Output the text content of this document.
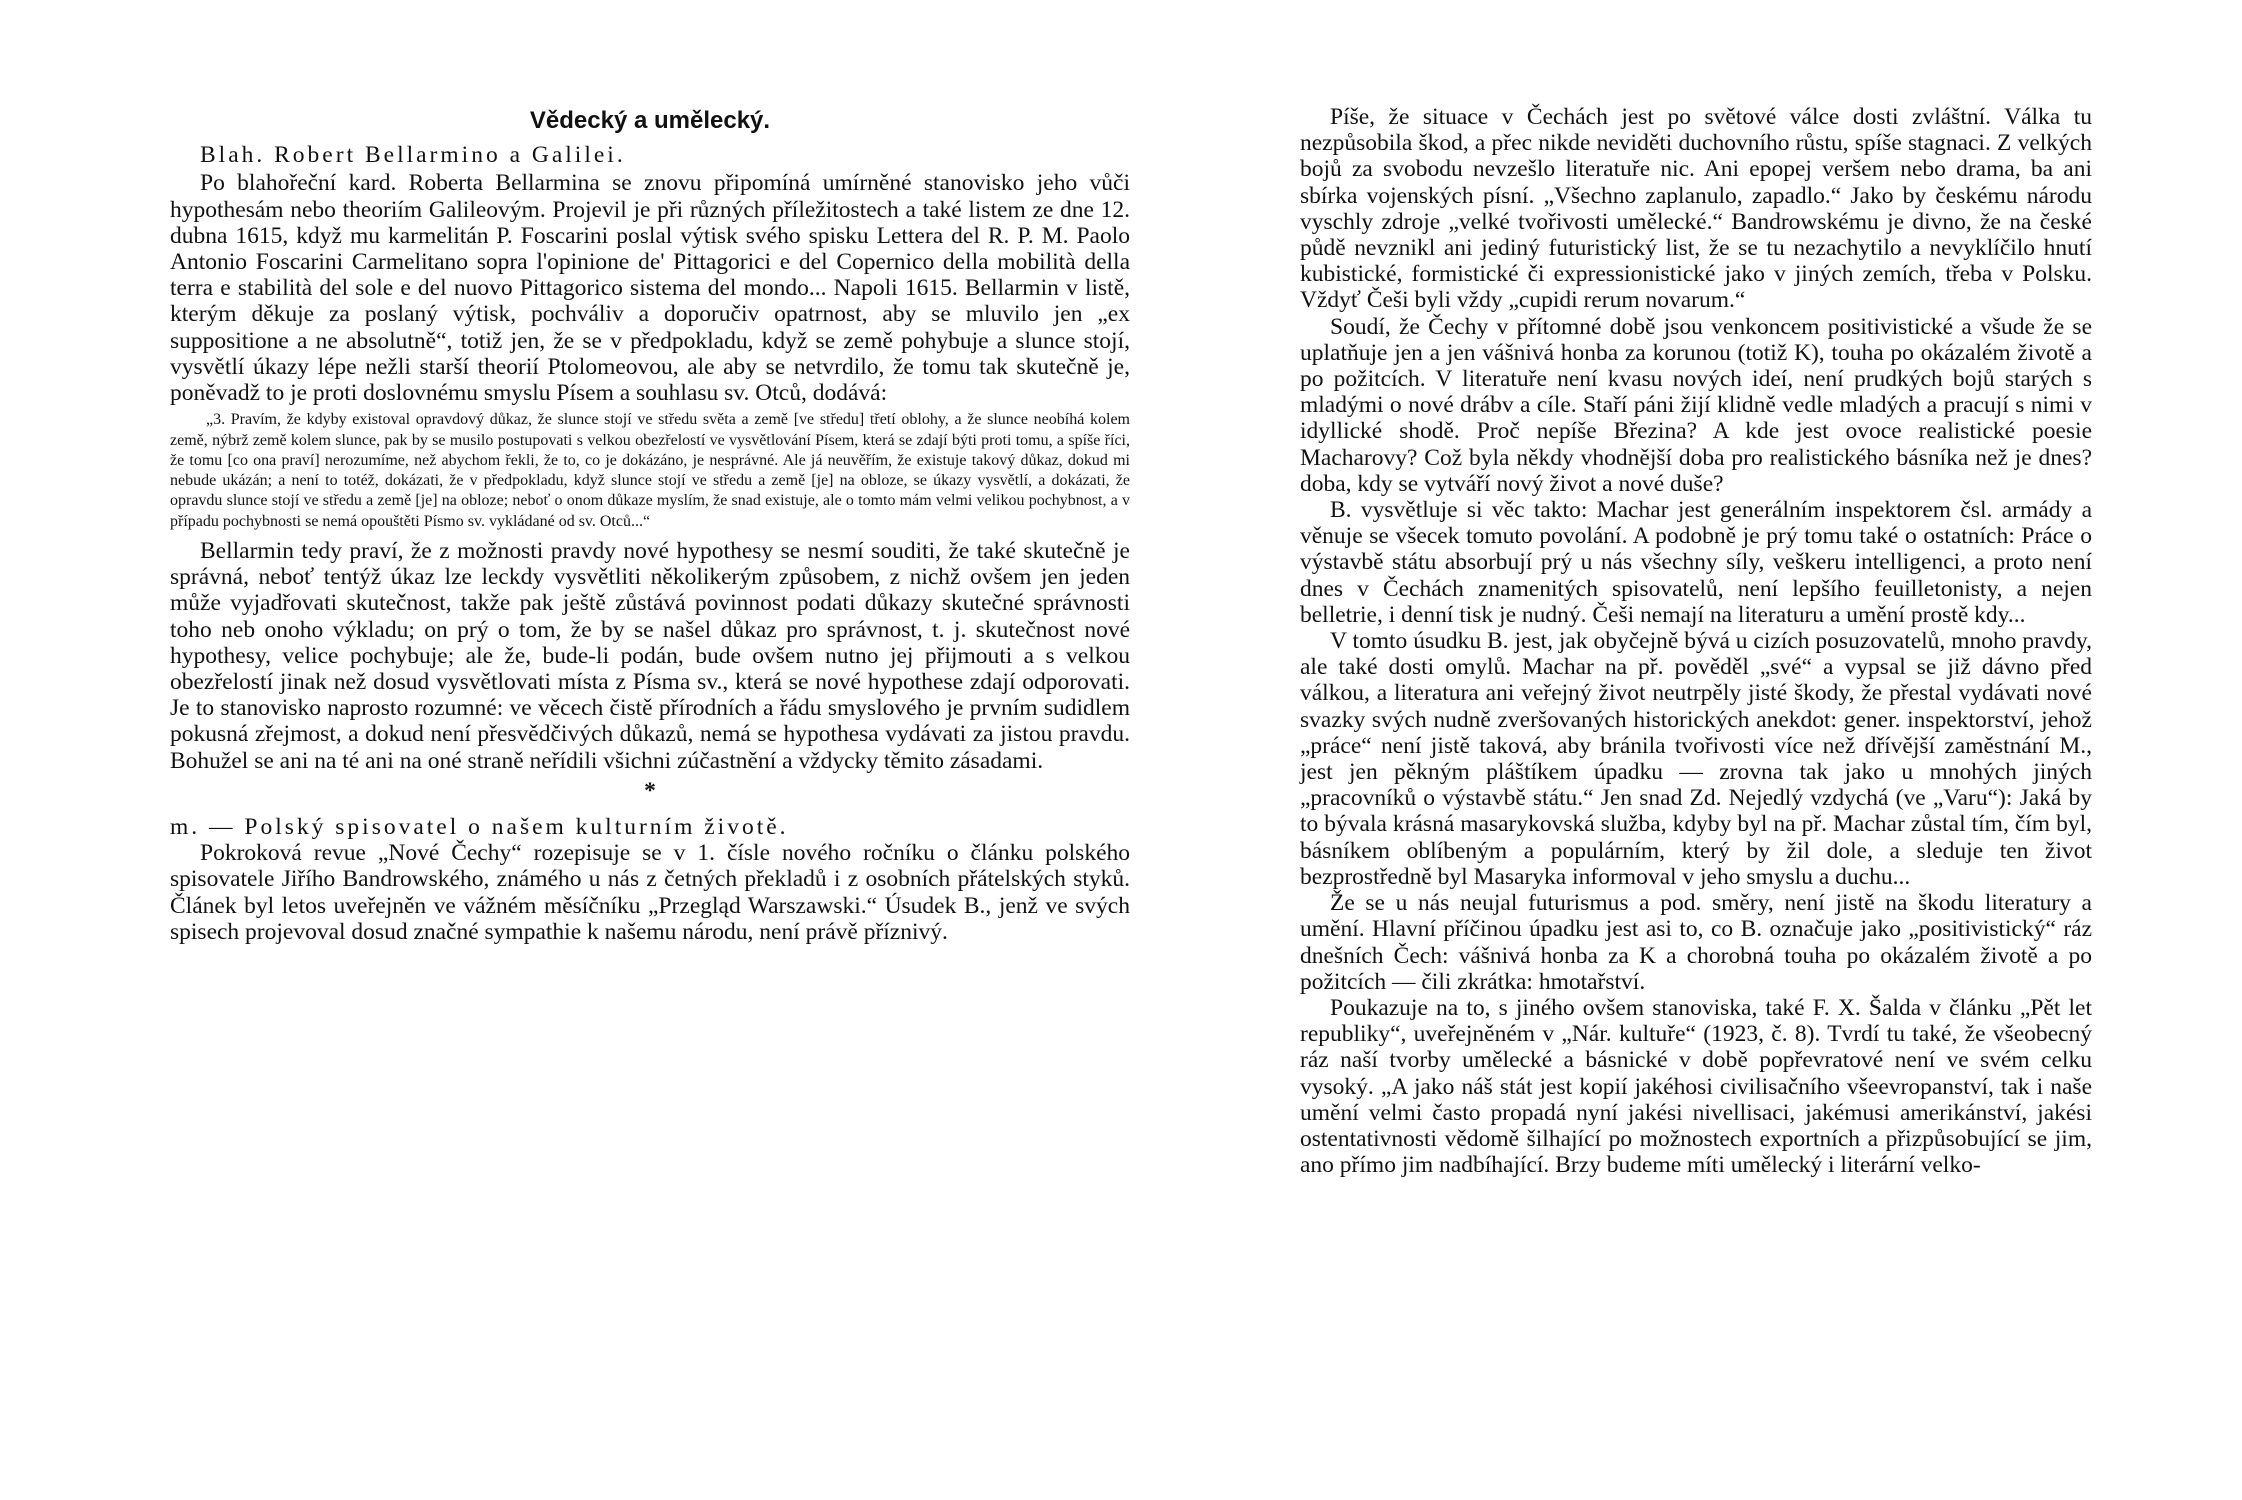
Vědecký a umělecký.
Blah. Robert Bellarmino a Galilei.

Po blahořeční kard. Roberta Bellarmina se znovu připomíná umírněné stanovisko jeho vůči hypothesám nebo theoriím Galileovým. Projevil je při různých příležitostech a také listem ze dne 12. dubna 1615, když mu karmelitán P. Foscarini poslal výtisk svého spisku Lettera del R. P. M. Paolo Antonio Foscarini Carmelitano sopra l'opinione de' Pittagorici e del Copernico della mobilità della terra e stabilità del sole e del nuovo Pittagorico sistema del mondo... Napoli 1615. Bellarmin v listě, kterým děkuje za poslaný výtisk, pochváliv a doporučiv opatrnost, aby se mluvilo jen „ex suppositione a ne absolutně“, totiž jen, že se v předpokladu, když se země pohybuje a slunce stojí, vysvětlí úkazy lépe nežli starší theorií Ptolomeovou, ale aby se netvrdilo, že tomu tak skutečně je, poněvadž to je proti doslovnému smyslu Písem a souhlasu sv. Otců, dodává:

„3. Pravím, že kdyby existoval opravdový důkaz, že slunce stojí ve středu světa a země [ve středu] třetí oblohy, a že slunce neobíhá kolem země, nýbrž země kolem slunce, pak by se musilo postupovati s velkou obezřelostí ve vysvětlování Písem, která se zdají býti proti tomu, a spíše říci, že tomu [co ona praví] nerozumíme, než abychom řekli, že to, co je dokázáno, je nesprávné. Ale já neuvěřím, že existuje takový důkaz, dokud mi nebude ukázán; a není to totéž, dokázati, že v předpokladu, když slunce stojí ve středu a země [je] na obloze, se úkazy vysvětlí, a dokázati, že opravdu slunce stojí ve středu a země [je] na obloze; neboť o onom důkaze myslím, že snad existuje, ale o tomto mám velmi velikou pochybnost, a v případu pochybnosti se nemá opouštěti Písmo sv. vykládané od sv. Otců...“

Bellarmin tedy praví, že z možnosti pravdy nové hypothesy se nesmí souditi, že také skutečně je správná, neboť tentýž úkaz lze leckdy vysvětliti několikerým způsobem, z nichž ovšem jen jeden může vyjadřovati skutečnost, takže pak ještě zůstává povinnost podati důkazy skutečné správnosti toho neb onoho výkladu; on prý o tom, že by se našel důkaz pro správnost, t. j. skutečnost nové hypothesy, velice pochybuje; ale že, bude-li podán, bude ovšem nutno jej přijmouti a s velkou obezřelostí jinak než dosud vysvětlovati místa z Písma sv., která se nové hypothese zdají odporovati. Je to stanovisko naprosto rozumné: ve věcech čistě přírodních a řádu smyslového je prvním sudidlem pokusná zřejmost, a dokud není přesvědčivých důkazů, nemá se hypothesa vydávati za jistou pravdu. Bohužel se ani na té ani na oné straně neřídili všichni zúčastnění a vždycky těmito zásadami.

*

m. — Polský spisovatel o našem kulturním životě.

Pokroková revue „Nové Čechy“ rozepisuje se v 1. čísle nového ročníku o článku polského spisovatele Jiřího Bandrowského, známého u nás z četných překladů i z osobních přátelských styků. Článek byl letos uveřejněn ve vážném měsíčníku „Przegląd Warszawski.“ Úsudek B., jenž ve svých spisech projevoval dosud značné sympathie k našemu národu, není právě příznivý.

Píše, že situace v Čechách jest po světové válce dosti zvláštní. Válka tu nezpůsobila škod, a přec nikde neviděti duchovního růstu, spíše stagnaci. Z velkých bojů za svobodu nevzešlo literatuře nic. Ani epopej veršem nebo drama, ba ani sbírka vojenských písní. „Všechno zaplanulo, zapadlo.“ Jako by českému národu vyschly zdroje „velké tvořivosti umělecké.“ Bandrowskému je divno, že na české půdě nevznikl ani jediný futuristický list, že se tu nezachytilo a nevyklíčilo hnutí kubistické, formistické či expressionistické jako v jiných zemích, třeba v Polsku. Vždyť Češi byli vždy „cupidi rerum novarum.“

Soudí, že Čechy v přítomné době jsou venkoncem positivistické a všude že se uplatňuje jen a jen vášnivá honba za korunou (totiž K), touha po okázalém životě a po požitcích. V literatuře není kvasu nových ideí, není prudkých bojů starých s mladými o nové drábv a cíle. Staří páni žijí klidně vedle mladých a pracují s nimi v idyllické shodě. Proč nepíše Březina? A kde jest ovoce realistické poesie Macharovy? Což byla někdy vhodnější doba pro realistického básníka než je dnes? doba, kdy se vytváří nový život a nové duše?

B. vysvětluje si věc takto: Machar jest generálním inspektorem čsl. armády a věnuje se všecek tomuto povolání. A podobně je prý tomu také o ostatních: Práce o výstavbě státu absorbují prý u nás všechny síly, veškeru intelligenci, a proto není dnes v Čechách znamenitých spisovatelů, není lepšího feuilletonisty, a nejen belletrie, i denní tisk je nudný. Češi nemají na literaturu a umění prostě kdy...

V tomto úsudku B. jest, jak obyčejně bývá u cizích posuzovatelů, mnoho pravdy, ale také dosti omylů. Machar na př. pověděl „své“ a vypsal se již dávno před válkou, a literatura ani veřejný život neutrpěly jisté škody, že přestal vydávati nové svazky svých nudně zveršovaných historických anekdot: gener. inspektorství, jehož „práce“ není jistě taková, aby bránila tvořivosti více než dřívější zaměstnání M., jest jen pěkným pláštíkem úpadku — zrovna tak jako u mnohých jiných „pracovníků o výstavbě státu.“ Jen snad Zd. Nejedlý vzdychá (ve „Varu“): Jaká by to bývala krásná masarykovská služba, kdyby byl na př. Machar zůstal tím, čím byl, básníkem oblíbeným a populárním, který by žil dole, a sleduje ten život bezprostředně byl Masaryka informoval v jeho smyslu a duchu...

Že se u nás neujal futurismus a pod. směry, není jistě na škodu literatury a umění. Hlavní příčinou úpadku jest asi to, co B. označuje jako „positivistický“ ráz dnešních Čech: vášnivá honba za K a chorobná touha po okázalém životě a po požitcích — čili zkrátka: hmotařství.

Poukazuje na to, s jiného ovšem stanoviska, také F. X. Šalda v článku „Pět let republiky“, uveřejněném v „Nár. kultuře“ (1923, č. 8). Tvrdí tu také, že všeobecný ráz naší tvorby umělecké a básnické v době popřevratové není ve svém celku vysoký. „A jako náš stát jest kopií jakéhosi civilisačního všeevropanství, tak i naše umění velmi často propadá nyní jakési nivellisaci, jakémusi amerikánství, jakési ostentativnosti vědomě šilhající po možnostech exportních a přizpůsobující se jim, ano přímo jim nadbíhající. Brzy budeme míti umělecký i literární velko-
